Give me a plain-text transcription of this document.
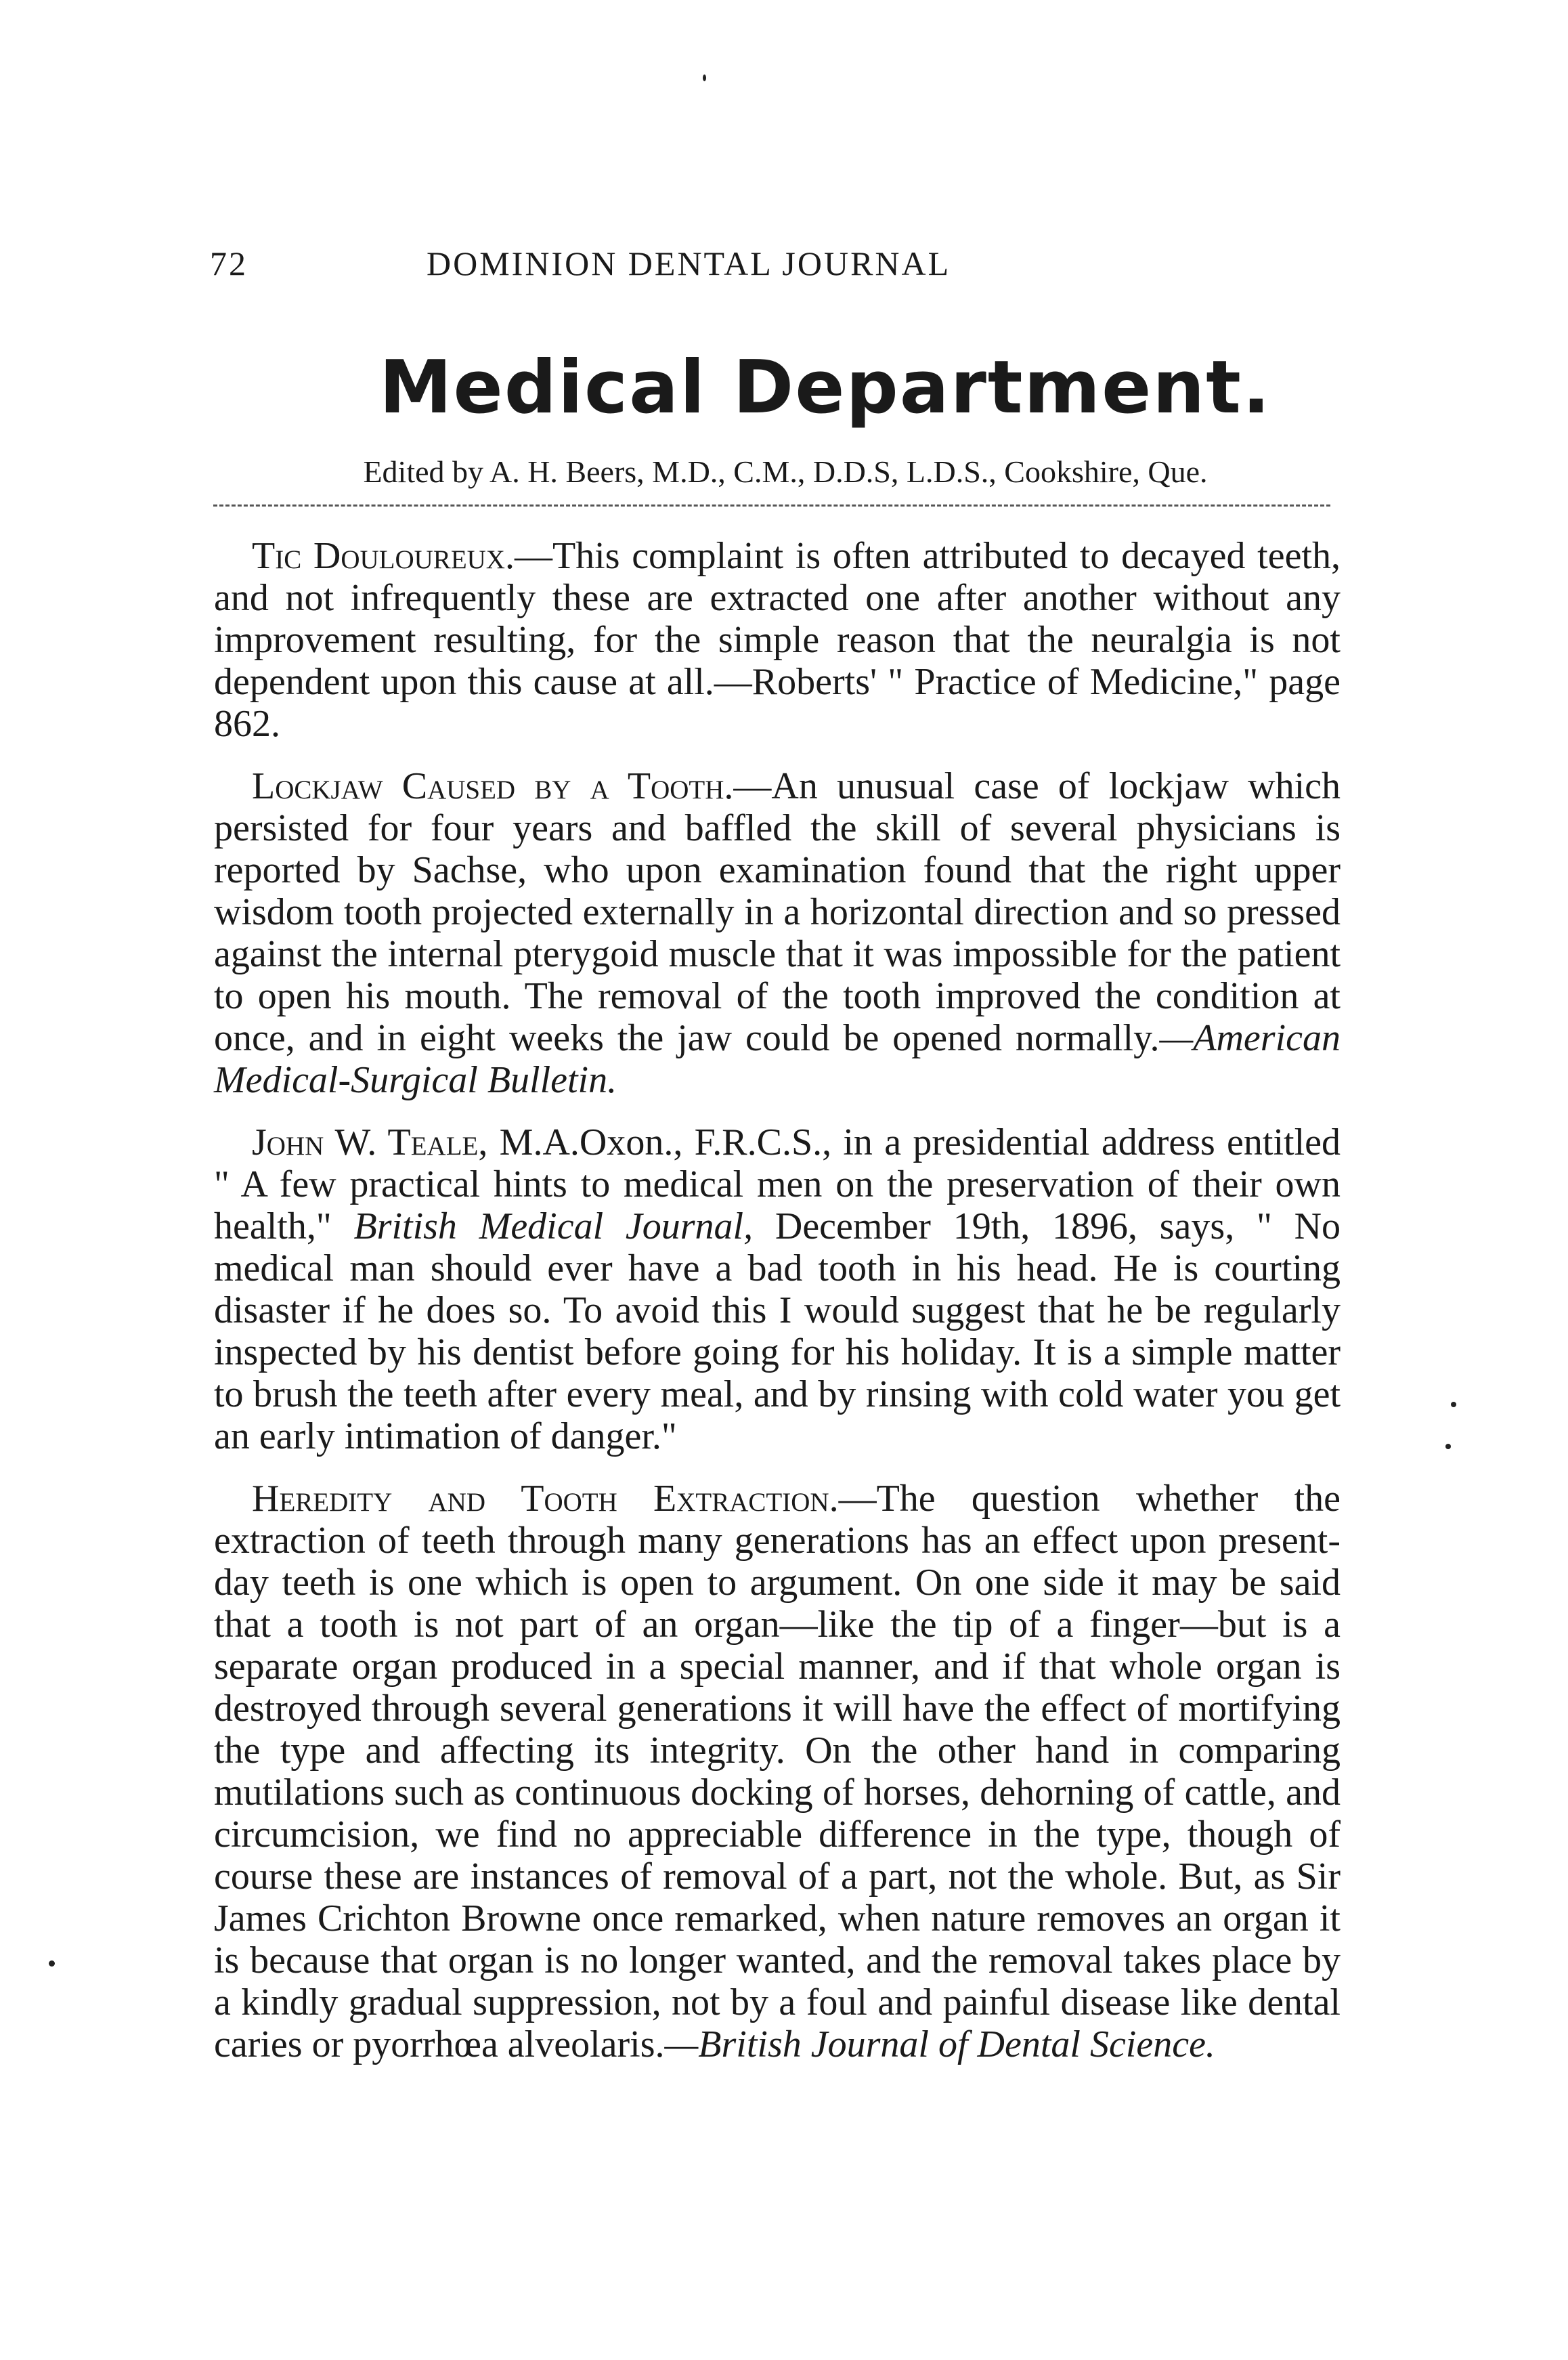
72	DOMINION DENTAL JOURNAL
Medical Department.
Edited by A. H. Beers, M.D., C.M., D.D.S, L.D.S., Cookshire, Que.

Tic Douloureux.—This complaint is often attributed to decayed teeth, and not infrequently these are extracted one after another without any improvement resulting, for the simple reason that the neuralgia is not dependent upon this cause at all.—Roberts' " Practice of Medicine," page 862.

Lockjaw Caused by a Tooth.—An unusual case of lockjaw which persisted for four years and baffled the skill of several physicians is reported by Sachse, who upon examination found that the right upper wisdom tooth projected externally in a horizontal direction and so pressed against the internal pterygoid muscle that it was impossible for the patient to open his mouth. The removal of the tooth improved the condition at once, and in eight weeks the jaw could be opened normally.—American Medical-Surgical Bulletin.

John W. Teale, M.A.Oxon., F.R.C.S., in a presidential address entitled " A few practical hints to medical men on the preservation of their own health," British Medical Journal, December 19th, 1896, says, " No medical man should ever have a bad tooth in his head. He is courting disaster if he does so. To avoid this I would suggest that he be regularly inspected by his dentist before going for his holiday. It is a simple matter to brush the teeth after every meal, and by rinsing with cold water you get an early intimation of danger."

Heredity and Tooth Extraction.—The question whether the extraction of teeth through many generations has an effect upon present-day teeth is one which is open to argument. On one side it may be said that a tooth is not part of an organ—like the tip of a finger—but is a separate organ produced in a special manner, and if that whole organ is destroyed through several generations it will have the effect of mortifying the type and affecting its integrity. On the other hand in comparing mutilations such as continuous docking of horses, dehorning of cattle, and circumcision, we find no appreciable difference in the type, though of course these are instances of removal of a part, not the whole. But, as Sir James Crichton Browne once remarked, when nature removes an organ it is because that organ is no longer wanted, and the removal takes place by a kindly gradual suppression, not by a foul and painful disease like dental caries or pyorrhœa alveolaris.—British Journal of Dental Science.
